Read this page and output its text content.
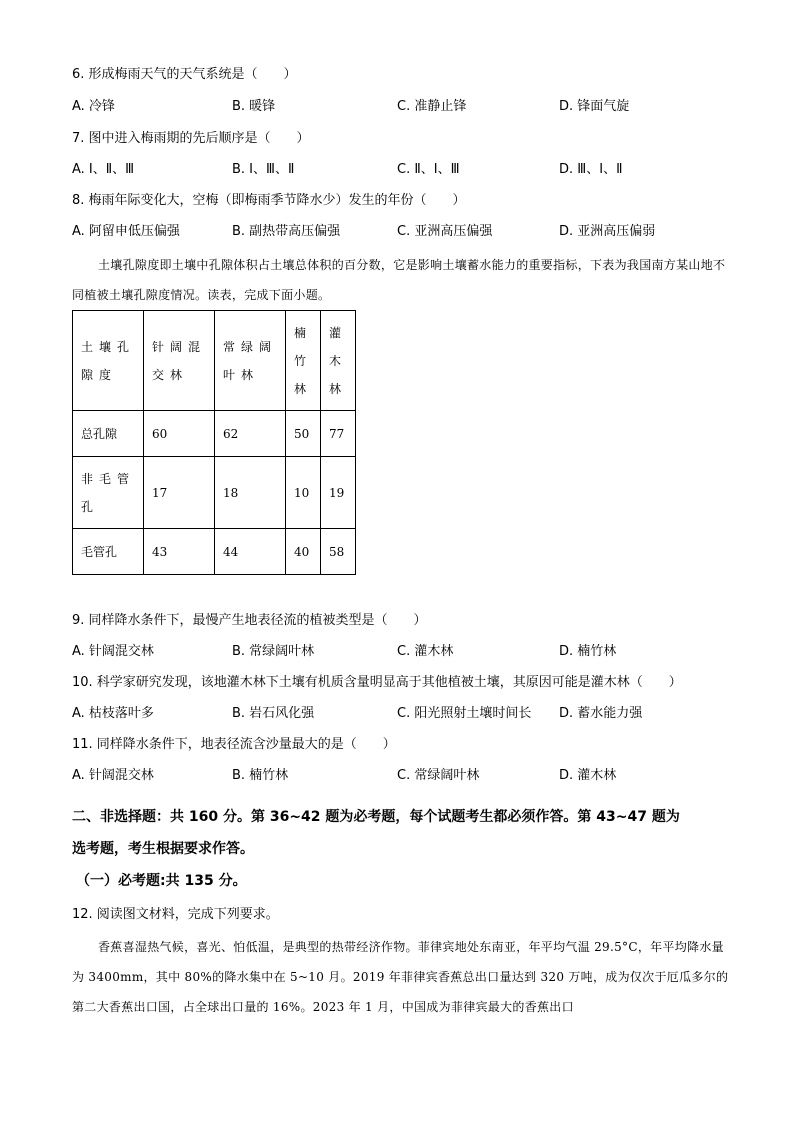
6. 形成梅雨天气的天气系统是（　　）
A. 冷锋	B. 暖锋	C. 准静止锋	D. 锋面气旋
7. 图中进入梅雨期的先后顺序是（　　）
A. Ⅰ、Ⅱ、Ⅲ	B. Ⅰ、Ⅲ、Ⅱ	C. Ⅱ、Ⅰ、Ⅲ	D. Ⅲ、Ⅰ、Ⅱ
8. 梅雨年际变化大，空梅（即梅雨季节降水少）发生的年份（　　）
A. 阿留申低压偏强	B. 副热带高压偏强	C. 亚洲高压偏强	D. 亚洲高压偏弱
土壤孔隙度即土壤中孔隙体积占土壤总体积的百分数，它是影响土壤蓄水能力的重要指标，下表为我国南方某山地不同植被土壤孔隙度情况。读表，完成下面小题。
土壤孔隙度	针阔混交林	常绿阔叶林	楠竹林	灌木林

总孔隙	60	62	50	77

非毛管孔	17	18	10	19
毛管孔	43	44	40	58
9. 同样降水条件下，最慢产生地表径流的植被类型是（　　）
A. 针阔混交林	B. 常绿阔叶林	C. 灌木林	D. 楠竹林
10. 科学家研究发现，该地灌木林下土壤有机质含量明显高于其他植被土壤，其原因可能是灌木林（　　）
A. 枯枝落叶多	B. 岩石风化强	C. 阳光照射土壤时间长 D. 蓄水能力强
11. 同样降水条件下，地表径流含沙量最大的是（　　）
A. 针阔混交林	B. 楠竹林	C. 常绿阔叶林	D. 灌木林
二、非选择题：共 160 分。第 36~42 题为必考题，每个试题考生都必须作答。第 43~47 题为
选考题，考生根据要求作答。
（一）必考题:共 135 分。
12. 阅读图文材料，完成下列要求。
香蕉喜湿热气候，喜光、怕低温，是典型的热带经济作物。菲律宾地处东南亚，年平均气温 29.5°C，年平均降水量为 3400mm，其中 80%的降水集中在 5~10 月。2019 年菲律宾香蕉总出口量达到 320 万吨，成为仅次于厄瓜多尔的第二大香蕉出口国，占全球出口量的 16%。2023 年 1 月，中国成为菲律宾最大的香蕉出口
